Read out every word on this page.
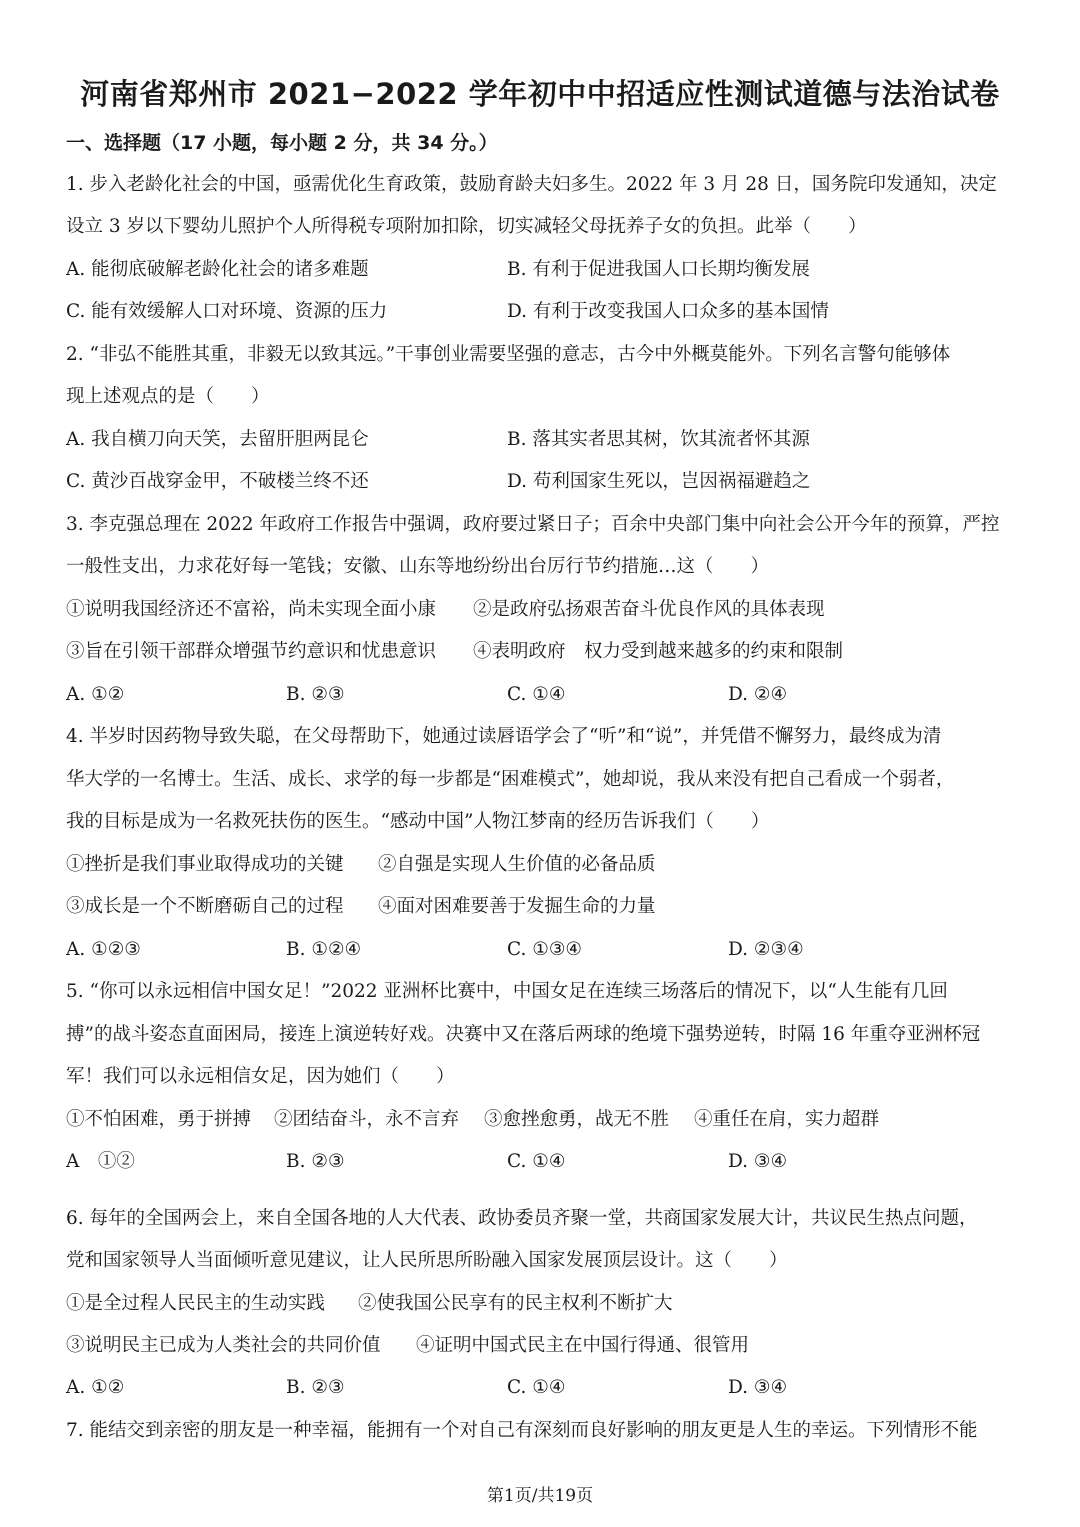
河南省郑州市 2021−2022 学年初中中招适应性测试道德与法治试卷
一、选择题（17 小题，每小题 2 分，共 34 分。）
1. 步入老龄化社会的中国，亟需优化生育政策，鼓励育龄夫妇多生。2022 年 3 月 28 日，国务院印发通知，决定
设立 3 岁以下婴幼儿照护个人所得税专项附加扣除，切实减轻父母抚养子女的负担。此举（　　）
A. 能彻底破解老龄化社会的诸多难题	B. 有利于促进我国人口长期均衡发展
C. 能有效缓解人口对环境、资源的压力	D. 有利于改变我国人口众多的基本国情
2. “非弘不能胜其重，非毅无以致其远。”干事创业需要坚强的意志，古今中外概莫能外。下列名言警句能够体
现上述观点的是（　　）
A. 我自横刀向天笑，去留肝胆两昆仑	B. 落其实者思其树，饮其流者怀其源
C. 黄沙百战穿金甲，不破楼兰终不还	D. 苟利国家生死以，岂因祸福避趋之
3. 李克强总理在 2022 年政府工作报告中强调，政府要过紧日子；百余中央部门集中向社会公开今年的预算，严控
一般性支出，力求花好每一笔钱；安徽、山东等地纷纷出台厉行节约措施…这（　　）
①说明我国经济还不富裕，尚未实现全面小康 ②是政府弘扬艰苦奋斗优良作风的具体表现
③旨在引领干部群众增强节约意识和忧患意识 ④表明政府　权力受到越来越多的约束和限制
A. ①②	B. ②③	C. ①④	D. ②④
4. 半岁时因药物导致失聪，在父母帮助下，她通过读唇语学会了“听”和“说”，并凭借不懈努力，最终成为清
华大学的一名博士。生活、成长、求学的每一步都是“困难模式”，她却说，我从来没有把自己看成一个弱者，
我的目标是成为一名救死扶伤的医生。“感动中国”人物江梦南的经历告诉我们（　　）
①挫折是我们事业取得成功的关键 ②自强是实现人生价值的必备品质
③成长是一个不断磨砺自己的过程 ④面对困难要善于发掘生命的力量
A. ①②③	B. ①②④	C. ①③④	D. ②③④
5. “你可以永远相信中国女足！”2022 亚洲杯比赛中，中国女足在连续三场落后的情况下，以“人生能有几回
搏”的战斗姿态直面困局，接连上演逆转好戏。决赛中又在落后两球的绝境下强势逆转，时隔 16 年重夺亚洲杯冠
军！我们可以永远相信女足，因为她们（　　）
①不怕困难，勇于拼搏 ②团结奋斗，永不言弃 ③愈挫愈勇，战无不胜 ④重任在肩，实力超群
A　①②	B. ②③	C. ①④	D. ③④
6. 每年的全国两会上，来自全国各地的人大代表、政协委员齐聚一堂，共商国家发展大计，共议民生热点问题，
党和国家领导人当面倾听意见建议，让人民所思所盼融入国家发展顶层设计。这（　　）
①是全过程人民民主的生动实践 ②使我国公民享有的民主权利不断扩大
③说明民主已成为人类社会的共同价值 ④证明中国式民主在中国行得通、很管用
A. ①②	B. ②③	C. ①④	D. ③④
7. 能结交到亲密的朋友是一种幸福，能拥有一个对自己有深刻而良好影响的朋友更是人生的幸运。下列情形不能
第1页/共19页
